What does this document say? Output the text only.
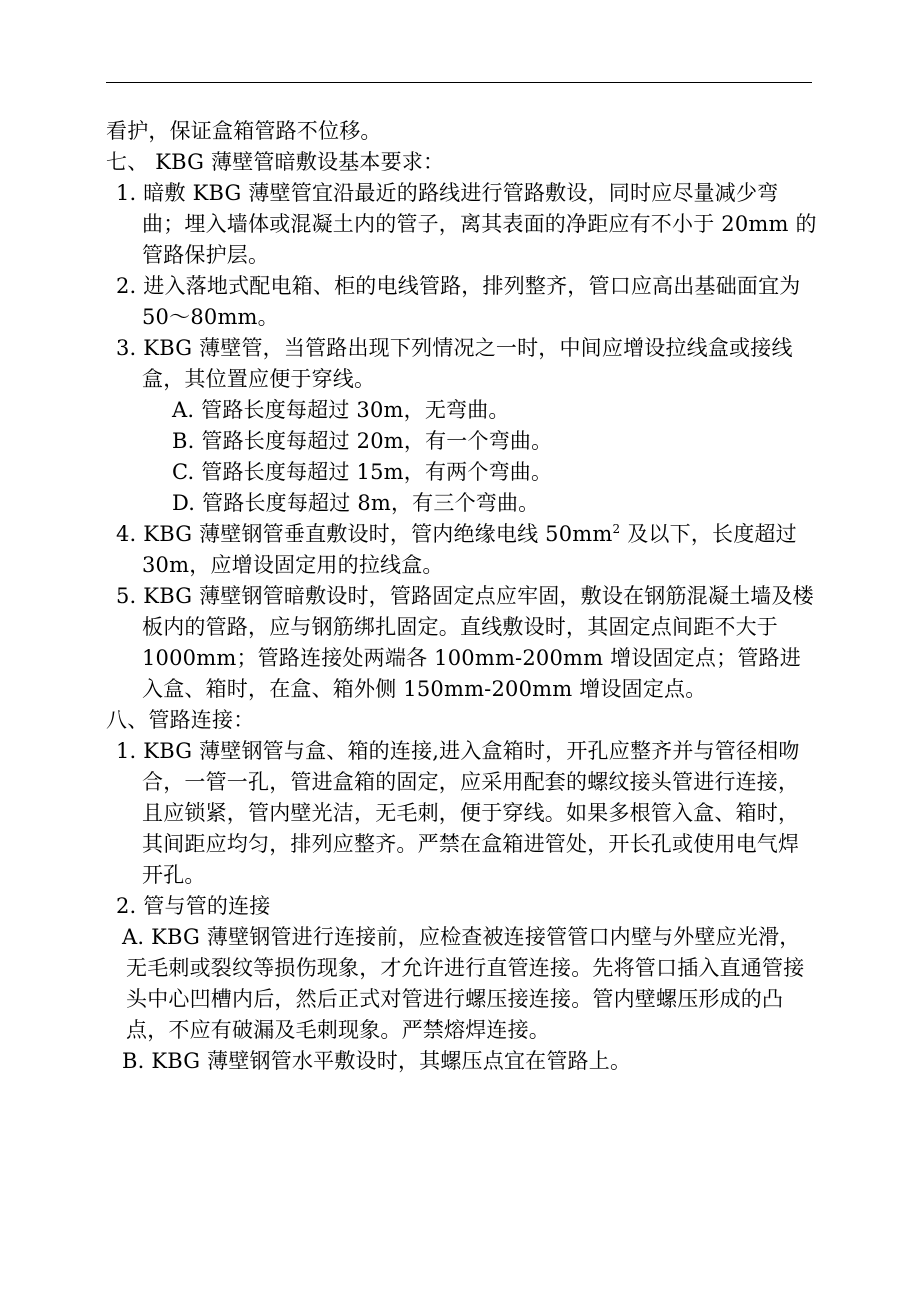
看护，保证盒箱管路不位移。

七、 KBG 薄壁管暗敷设基本要求：

1. 暗敷 KBG 薄壁管宜沿最近的路线进行管路敷设，同时应尽量减少弯曲；埋入墙体或混凝土内的管子，离其表面的净距应有不小于 20mm 的管路保护层。

2. 进入落地式配电箱、柜的电线管路，排列整齐，管口应高出基础面宜为 50～80mm。

3. KBG 薄壁管，当管路出现下列情况之一时，中间应增设拉线盒或接线盒，其位置应便于穿线。

A. 管路长度每超过 30m，无弯曲。

B. 管路长度每超过 20m，有一个弯曲。

C. 管路长度每超过 15m，有两个弯曲。

D. 管路长度每超过 8m，有三个弯曲。

4. KBG 薄壁钢管垂直敷设时，管内绝缘电线 $50mm^2$ 及以下，长度超过 30m，应增设固定用的拉线盒。

5. KBG 薄壁钢管暗敷设时，管路固定点应牢固，敷设在钢筋混凝土墙及楼板内的管路，应与钢筋绑扎固定。直线敷设时，其固定点间距不大于 1000mm；管路连接处两端各 100mm-200mm 增设固定点；管路进入盒、箱时，在盒、箱外侧 150mm-200mm 增设固定点。

八、管路连接：

1. KBG 薄壁钢管与盒、箱的连接,进入盒箱时，开孔应整齐并与管径相吻合，一管一孔，管进盒箱的固定，应采用配套的螺纹接头管进行连接，且应锁紧，管内壁光洁，无毛刺，便于穿线。如果多根管入盒、箱时，其间距应均匀，排列应整齐。严禁在盒箱进管处，开长孔或使用电气焊开孔。

2. 管与管的连接

A. KBG 薄壁钢管进行连接前，应检查被连接管管口内壁与外壁应光滑，无毛刺或裂纹等损伤现象，才允许进行直管连接。先将管口插入直通管接头中心凹槽内后，然后正式对管进行螺压接连接。管内壁螺压形成的凸点，不应有破漏及毛刺现象。严禁熔焊连接。

B. KBG 薄壁钢管水平敷设时，其螺压点宜在管路上。
